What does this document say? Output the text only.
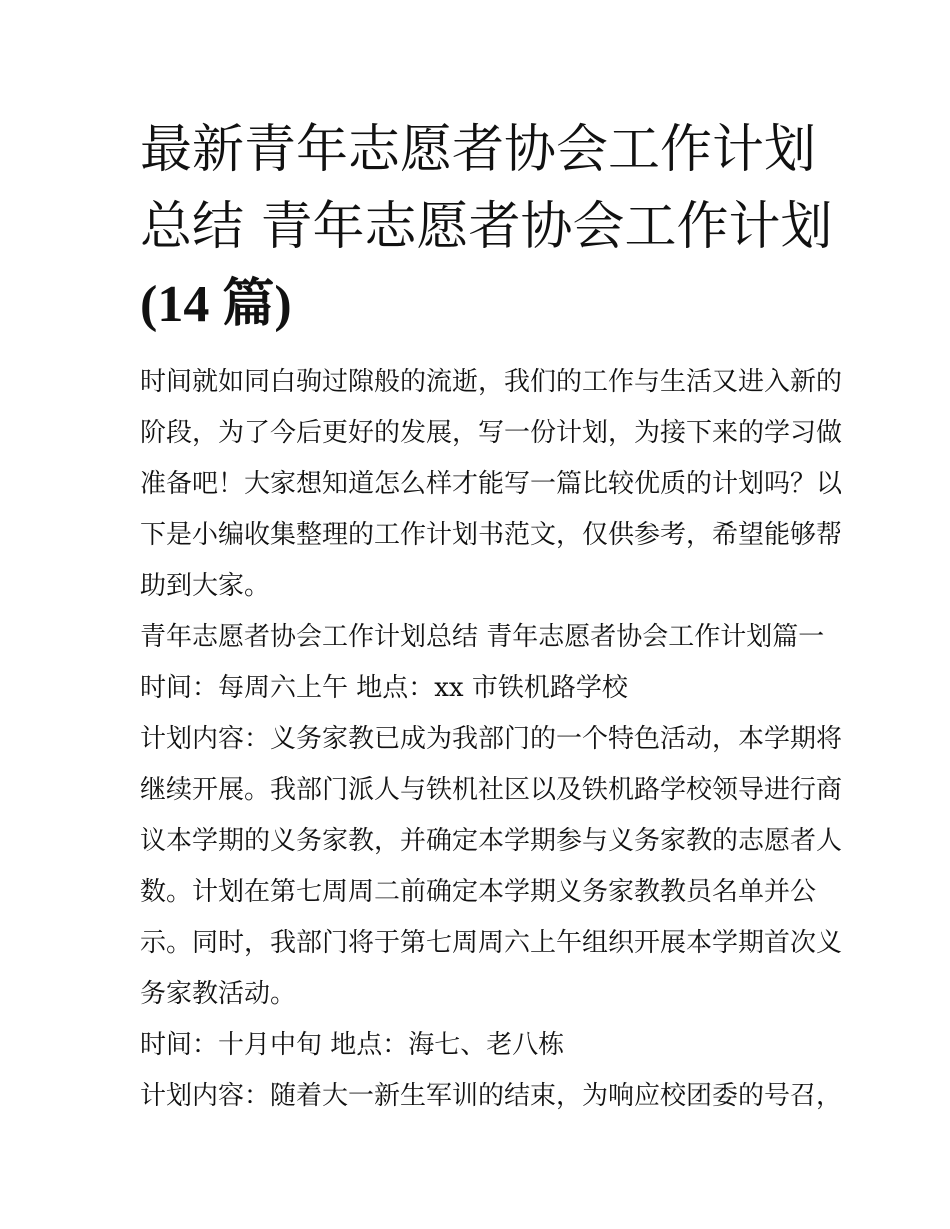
最新青年志愿者协会工作计划
总结 青年志愿者协会工作计划
(14 篇)

时间就如同白驹过隙般的流逝，我们的工作与生活又进入新的
阶段，为了今后更好的发展，写一份计划，为接下来的学习做
准备吧！大家想知道怎么样才能写一篇比较优质的计划吗？以
下是小编收集整理的工作计划书范文，仅供参考，希望能够帮
助到大家。

青年志愿者协会工作计划总结 青年志愿者协会工作计划篇一

时间：每周六上午 地点：xx 市铁机路学校

计划内容：义务家教已成为我部门的一个特色活动，本学期将
继续开展。我部门派人与铁机社区以及铁机路学校领导进行商
议本学期的义务家教，并确定本学期参与义务家教的志愿者人
数。计划在第七周周二前确定本学期义务家教教员名单并公
示。同时，我部门将于第七周周六上午组织开展本学期首次义
务家教活动。

时间：十月中旬 地点：海七、老八栋

计划内容：随着大一新生军训的结束，为响应校团委的号召，
